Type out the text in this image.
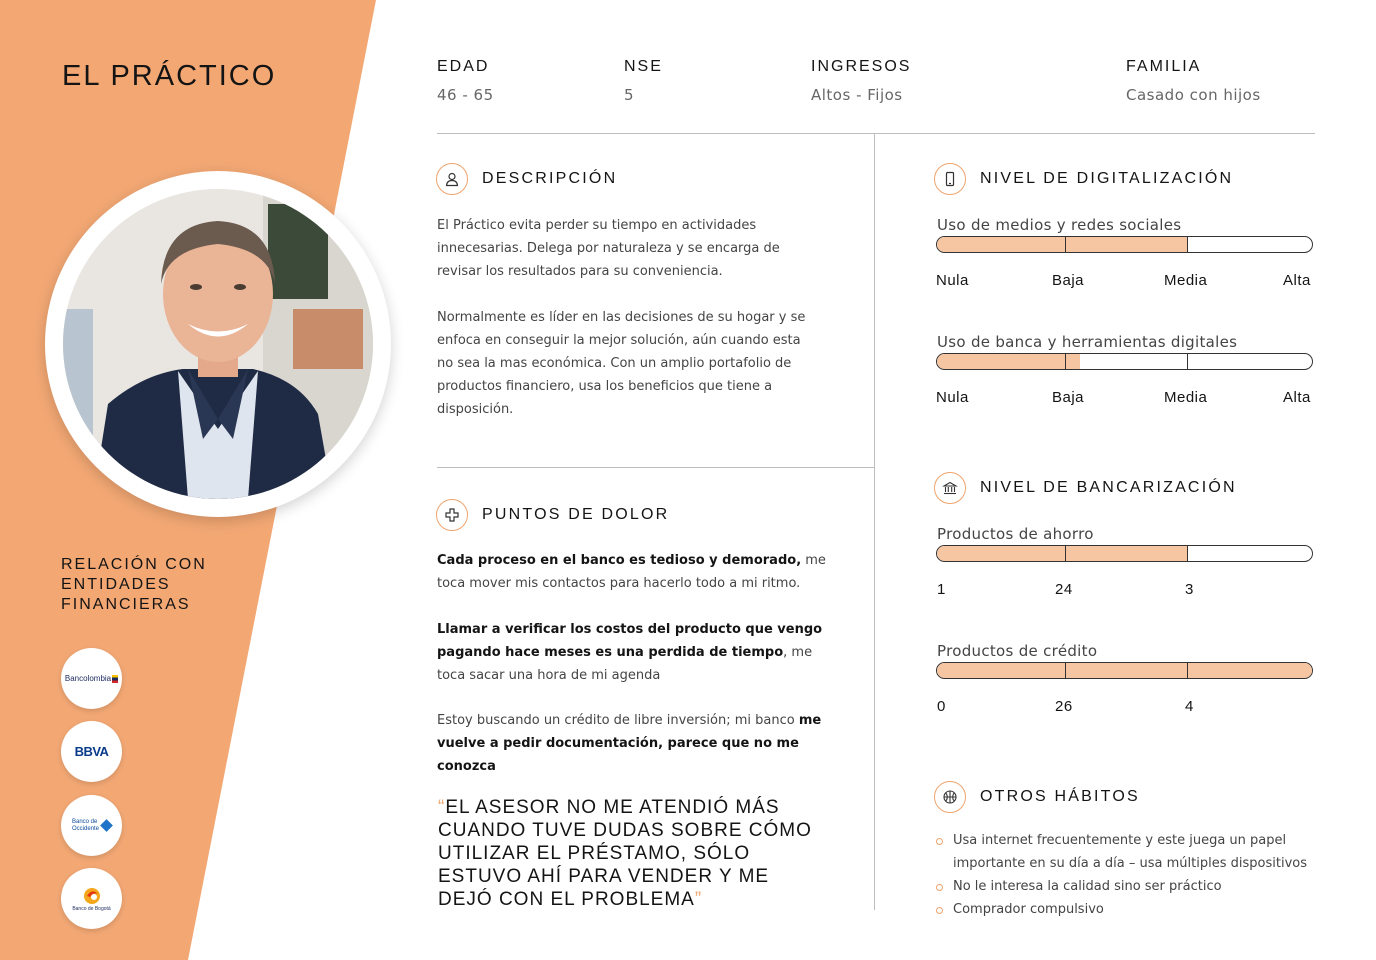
EL PRÁCTICO
RELACIÓN CON ENTIDADES FINANCIERAS
Bancolombia
BBVA
Banco de
Occidente
Banco de Bogotá
EDAD
46 - 65
NSE
5
INGRESOS
Altos - Fijos
FAMILIA
Casado con hijos
DESCRIPCIÓN
El Práctico evita perder su tiempo en actividades innecesarias. Delega por naturaleza y se encarga de revisar los resultados para su conveniencia.
Normalmente es líder en las decisiones de su hogar y se enfoca en conseguir la mejor solución, aún cuando esta no sea la mas económica. Con un amplio portafolio de productos financiero, usa los beneficios que tiene a disposición.
PUNTOS DE DOLOR
Cada proceso en el banco es tedioso y demorado, me toca mover mis contactos para hacerlo todo a mi ritmo.
Llamar a verificar los costos del producto que vengo pagando hace meses es una perdida de tiempo, me toca sacar una hora de mi agenda
Estoy buscando un crédito de libre inversión; mi banco me vuelve a pedir documentación, parece que no me conozca
“EL ASESOR NO ME ATENDIÓ MÁS CUANDO TUVE DUDAS SOBRE CÓMO UTILIZAR EL PRÉSTAMO, SÓLO ESTUVO AHÍ PARA VENDER Y ME DEJÓ CON EL PROBLEMA”
NIVEL DE DIGITALIZACIÓN
Uso de medios y redes sociales
Nula	Baja	Media	Alta
Uso de banca y herramientas digitales
Nula	Baja	Media	Alta
NIVEL DE BANCARIZACIÓN
Productos de ahorro
1	24	3
Productos de crédito
0	26	4
OTROS HÁBITOS
Usa internet frecuentemente y este juega un papel importante en su día a día – usa múltiples dispositivos
No le interesa la calidad sino ser práctico
Comprador compulsivo
